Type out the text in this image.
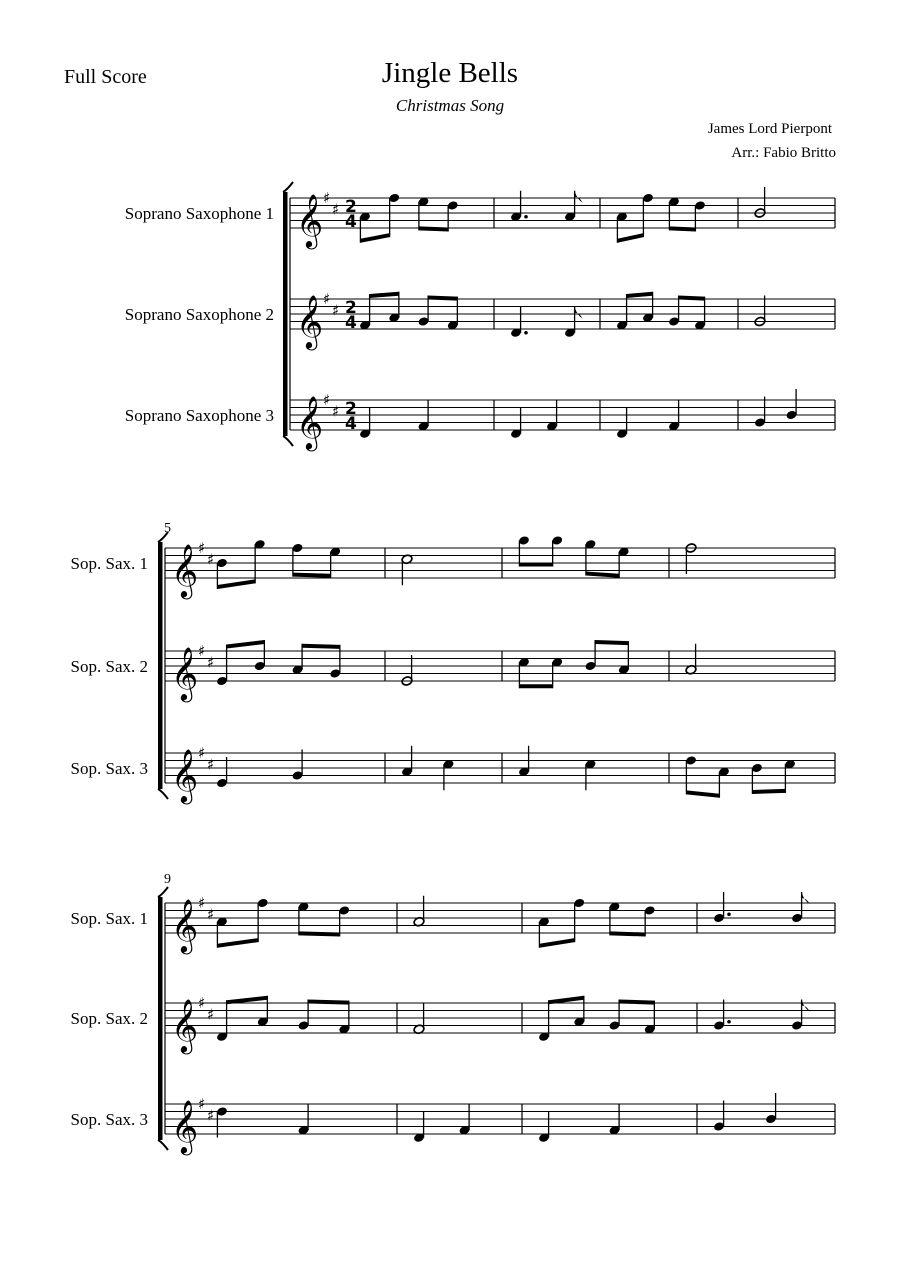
Full Score	Jingle Bells
Christmas Song
James Lord Pierpont
Arr.: Fabio Britto
Soprano Saxophone 1 𝄞 ♯
♯ 2
4
Soprano Saxophone 2 𝄞 ♯
♯ 2
4
Soprano Saxophone 3 𝄞 ♯
♯ 2
4
5
Sop. Sax. 1 𝄞 ♯
♯
Sop. Sax. 2 𝄞 ♯
♯
Sop. Sax. 3 𝄞 ♯
♯
9
Sop. Sax. 1 𝄞 ♯
♯
Sop. Sax. 2 𝄞 ♯
♯
Sop. Sax. 3 𝄞 ♯
♯
